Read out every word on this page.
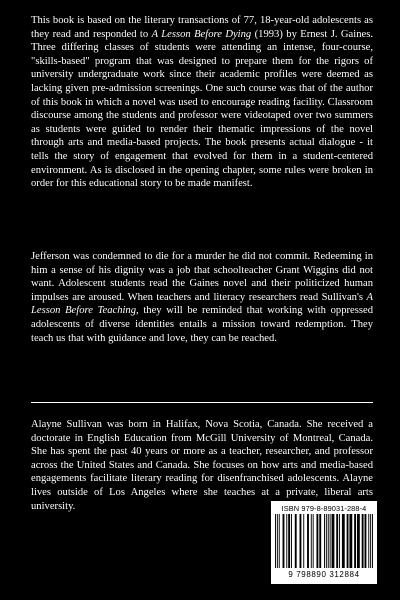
This book is based on the literary transactions of 77, 18-year-old adolescents as they read and responded to A Lesson Before Dying (1993) by Ernest J. Gaines. Three differing classes of students were attending an intense, four-course, "skills-based" program that was designed to prepare them for the rigors of university undergraduate work since their academic profiles were deemed as lacking given pre-admission screenings. One such course was that of the author of this book in which a novel was used to encourage reading facility. Classroom discourse among the students and professor were videotaped over two summers as students were guided to render their thematic impressions of the novel through arts and media-based projects. The book presents actual dialogue - it tells the story of engagement that evolved for them in a student-centered environment. As is disclosed in the opening chapter, some rules were broken in order for this educational story to be made manifest.

Jefferson was condemned to die for a murder he did not commit. Redeeming in him a sense of his dignity was a job that schoolteacher Grant Wiggins did not want. Adolescent students read the Gaines novel and their politicized human impulses are aroused. When teachers and literacy researchers read Sullivan's A Lesson Before Teaching, they will be reminded that working with oppressed adolescents of diverse identities entails a mission toward redemption. They teach us that with guidance and love, they can be reached.

Alayne Sullivan was born in Halifax, Nova Scotia, Canada. She received a doctorate in English Education from McGill University of Montreal, Canada. She has spent the past 40 years or more as a teacher, researcher, and professor across the United States and Canada. She focuses on how arts and media-based engagements facilitate literary reading for disenfranchised adolescents. Alayne lives outside of Los Angeles where she teaches at a private, liberal arts university.	ISBN 979-8-89031-288-4
9 798890 312884
